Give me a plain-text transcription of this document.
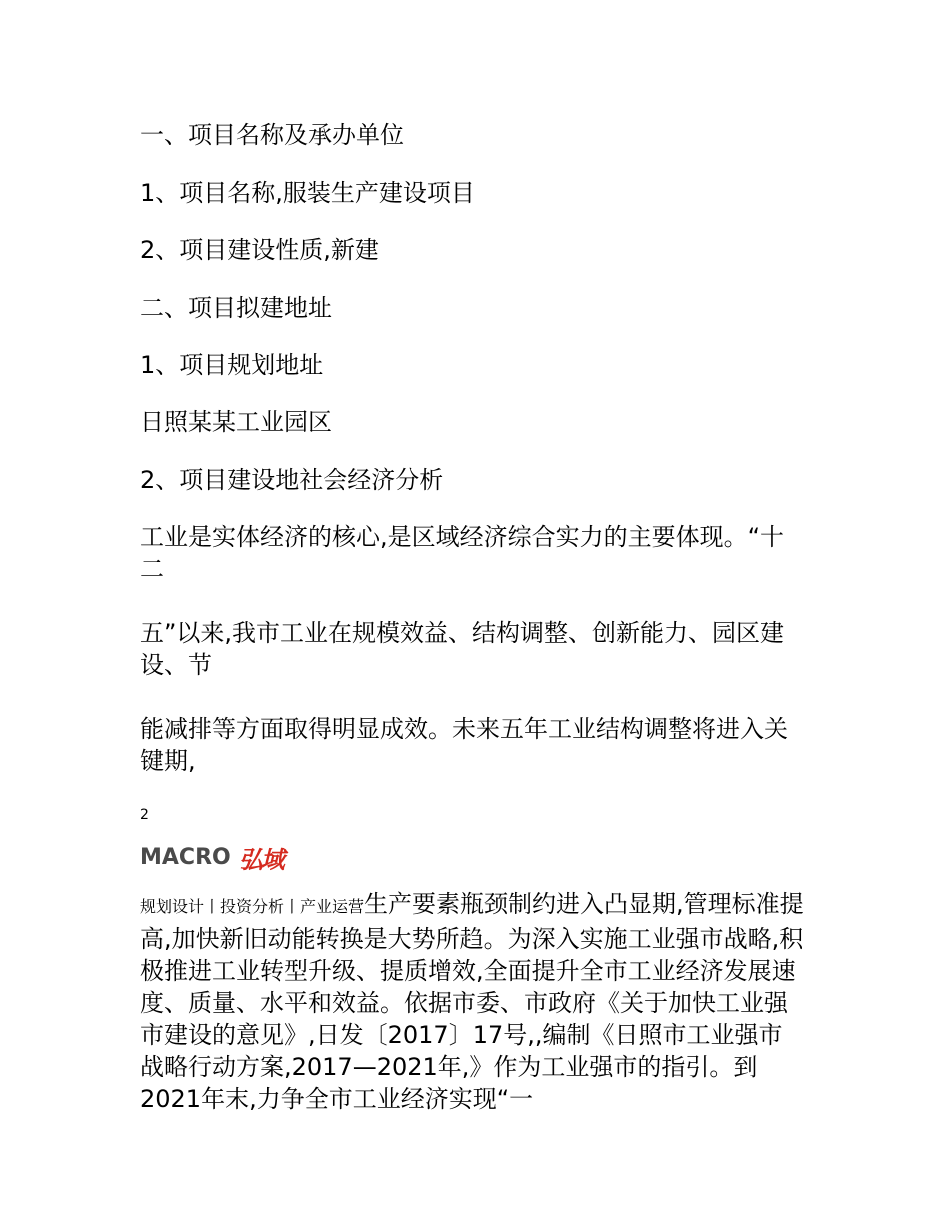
一、项目名称及承办单位
1、项目名称,服装生产建设项目
2、项目建设性质,新建
二、项目拟建地址
1、项目规划地址
日照某某工业园区
2、项目建设地社会经济分析
工业是实体经济的核心,是区域经济综合实力的主要体现。“十二
五”以来,我市工业在规模效益、结构调整、创新能力、园区建设、节
能减排等方面取得明显成效。未来五年工业结构调整将进入关键期,
2
MACRO 弘域
规划设计丨投资分析丨产业运营生产要素瓶颈制约进入凸显期,管理标准提高,加快新旧动能转换是大势所趋。为深入实施工业强市战略,积极推进工业转型升级、提质增效,全面提升全市工业经济发展速度、质量、水平和效益。依据市委、市政府《关于加快工业强市建设的意见》,日发〔2017〕17号,,编制《日照市工业强市战略行动方案,2017—2021年,》作为工业强市的指引。到2021年末,力争全市工业经济实现“一
